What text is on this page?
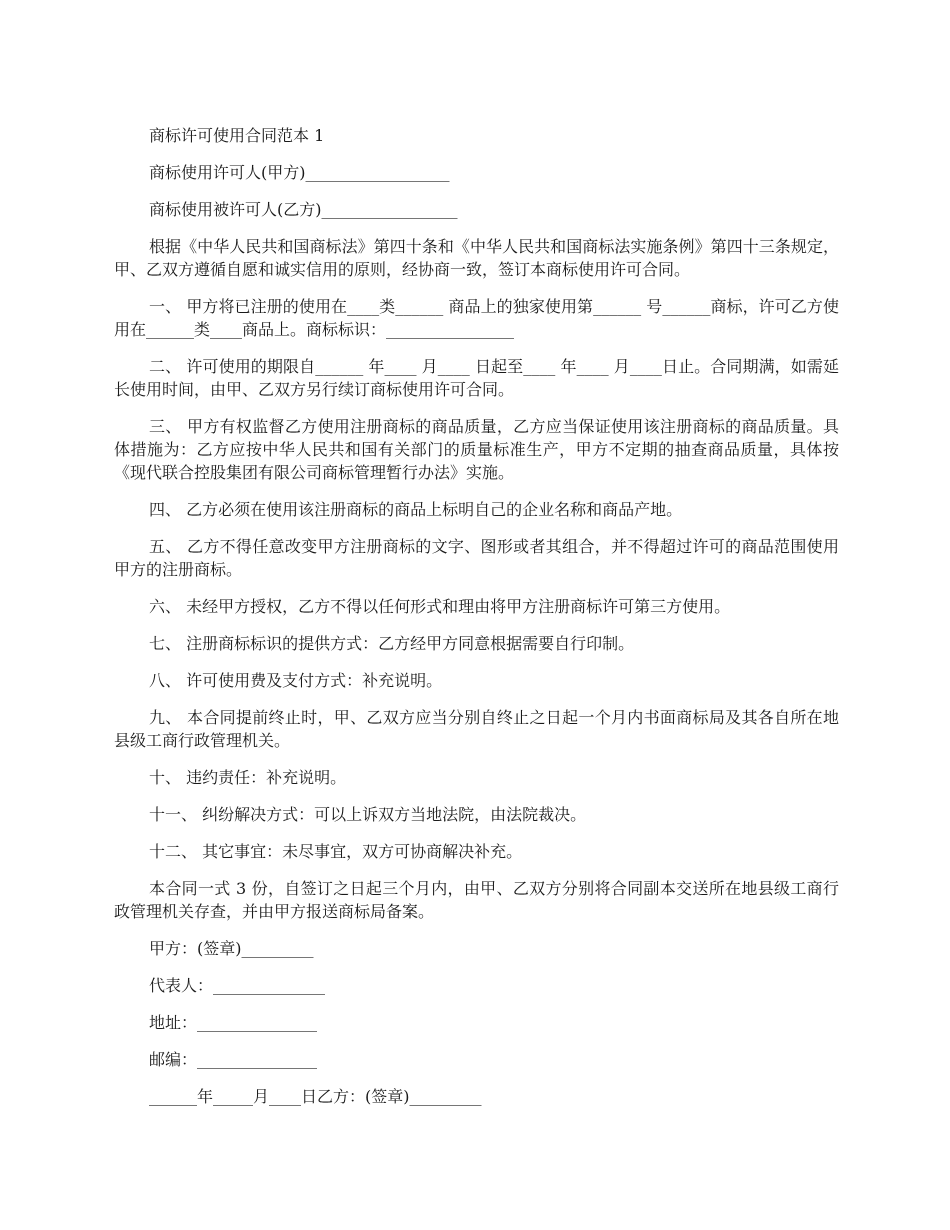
商标许可使用合同范本 1

商标使用许可人(甲方)__________________

商标使用被许可人(乙方)_________________

根据《中华人民共和国商标法》第四十条和《中华人民共和国商标法实施条例》第四十三条规定，甲、乙双方遵循自愿和诚实信用的原则，经协商一致，签订本商标使用许可合同。

一、 甲方将已注册的使用在____类______ 商品上的独家使用第______ 号______商标，许可乙方使用在______类____商品上。商标标识：________________

二、 许可使用的期限自______ 年____ 月____ 日起至____ 年____ 月____日止。合同期满，如需延长使用时间，由甲、乙双方另行续订商标使用许可合同。

三、 甲方有权监督乙方使用注册商标的商品质量，乙方应当保证使用该注册商标的商品质量。具体措施为：乙方应按中华人民共和国有关部门的质量标准生产，甲方不定期的抽查商品质量，具体按《现代联合控股集团有限公司商标管理暂行办法》实施。

四、 乙方必须在使用该注册商标的商品上标明自己的企业名称和商品产地。

五、 乙方不得任意改变甲方注册商标的文字、图形或者其组合，并不得超过许可的商品范围使用甲方的注册商标。

六、 未经甲方授权，乙方不得以任何形式和理由将甲方注册商标许可第三方使用。

七、 注册商标标识的提供方式：乙方经甲方同意根据需要自行印制。

八、 许可使用费及支付方式：补充说明。

九、 本合同提前终止时，甲、乙双方应当分别自终止之日起一个月内书面商标局及其各自所在地县级工商行政管理机关。

十、 违约责任：补充说明。

十一、 纠纷解决方式：可以上诉双方当地法院，由法院裁决。

十二、 其它事宜：未尽事宜，双方可协商解决补充。

本合同一式 3 份，自签订之日起三个月内，由甲、乙双方分别将合同副本交送所在地县级工商行政管理机关存查，并由甲方报送商标局备案。

甲方：(签章)_________

代表人：______________

地址：_______________

邮编：_______________

______年_____月____日乙方：(签章)_________
